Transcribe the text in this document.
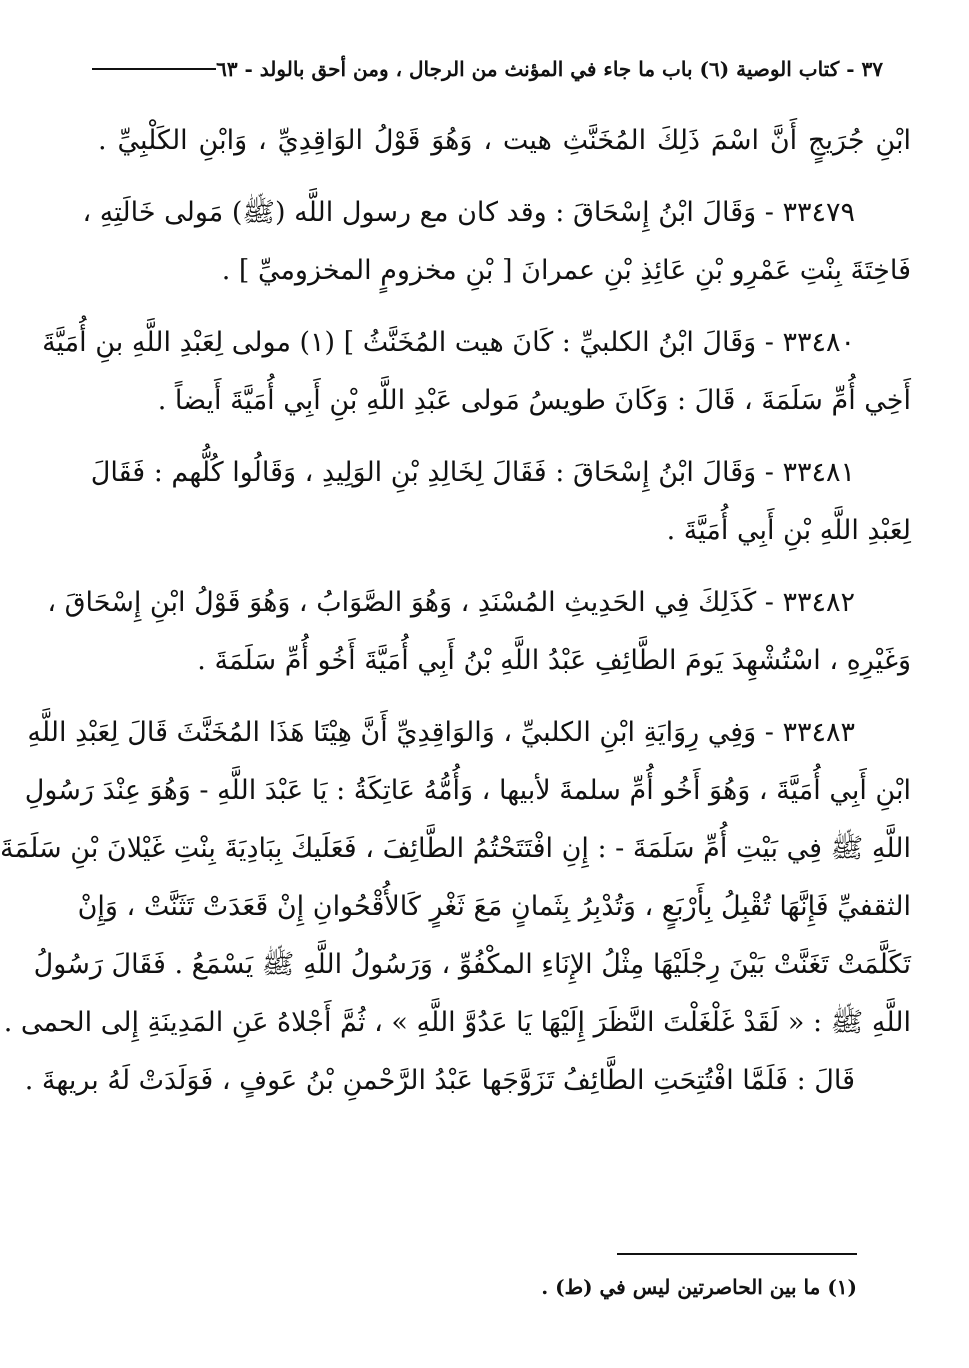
٣٧ - كتاب الوصية (٦) باب ما جاء في المؤنث من الرجال ، ومن أحق بالولد - ٦٣
ابْنِ جُرَيجٍ أَنَّ اسْمَ ذَلِكَ المُخَنَّثِ هيت ، وَهُوَ قَوْلُ الوَاقِدِيِّ ، وَابْنِ الكَلْبِيِّ .
٣٣٤٧٩ - وَقَالَ ابْنُ إِسْحَاقَ : وقد كان مع رسول اللَّه (ﷺ) مَولى خَالَتِهِ ،
فَاخِتَةَ بِنْتِ عَمْرِو بْنِ عَائِذِ بْنِ عمرانَ [ بْنِ مخزومٍ المخزوميِّ ] .
٣٣٤٨٠ - وَقَالَ ابْنُ الكلبيِّ : كَانَ هيت المُخَنَّثُ ] (١) مولى لِعَبْدِ اللَّهِ بنِ أُمَيَّةَ
أَخِي أُمِّ سَلَمَةَ ، قَالَ : وَكَانَ طويسُ مَولى عَبْدِ اللَّهِ بْنِ أَبِي أُمَيَّةَ أَيضاً .
٣٣٤٨١ - وَقَالَ ابْنُ إِسْحَاقَ : فَقَالَ لِخَالِدِ بْنِ الوَلِيدِ ، وَقَالُوا كُلُّهم : فَقَالَ
لِعَبْدِ اللَّهِ بْنِ أَبِي أُمَيَّةَ .
٣٣٤٨٢ - كَذَلِكَ فِي الحَدِيثِ المُسْنَدِ ، وَهُوَ الصَّوَابُ ، وَهُوَ قَوْلُ ابْنِ إِسْحَاقَ ،
وَغَيْرِهِ ، اسْتُشْهِدَ يَومَ الطَّائِفِ عَبْدُ اللَّهِ بْنُ أَبِي أُمَيَّةَ أَخُو أُمِّ سَلَمَةَ .
٣٣٤٨٣ - وَفِي رِوَايَةِ ابْنِ الكلبيِّ ، وَالوَاقِدِيِّ أَنَّ هِيْتَا هَذَا المُخَنَّثَ قَالَ لِعَبْدِ اللَّهِ
ابْنِ أَبِي أُمَيَّةَ ، وَهُوَ أَخُو أُمِّ سلمةَ لأبيها ، وَأُمُّهُ عَاتِكَةُ : يَا عَبْدَ اللَّهِ - وَهُوَ عِنْدَ رَسُولِ
اللَّهِ ﷺ فِي بَيْتِ أُمِّ سَلَمَةَ - : إِنِ افْتَتَحْتُمُ الطَّائِفَ ، فَعَلَيكَ بِبَادِيَةَ بِنْتِ غَيْلانَ بْنِ سَلَمَةَ
الثقفيِّ فَإِنَّهَا تُقْبِلُ بِأَرْبَعٍ ، وَتُدْبِرُ بِثَمانٍ مَعَ ثَغْرٍ كَالأُقْحُوانِ إِنْ قَعَدَتْ تَثَنَّتْ ، وَإِنْ
تَكَلَّمَتْ تَغَنَّتْ بَيْنَ رِجْلَيْهَا مِثْلُ الإِنَاءِ المكْفُوِّ ، وَرَسُولُ اللَّهِ ﷺ يَسْمَعُ . فَقَالَ رَسُولُ
اللَّهِ ﷺ : « لَقَدْ غَلْغَلْتَ النَّظَرَ إِلَيْهَا يَا عَدُوَّ اللَّهِ » ، ثُمَّ أَجْلاهُ عَنِ المَدِينَةِ إِلى الحمى .
قَالَ : فَلَمَّا افْتُتِحَتِ الطَّائِفُ تَزَوَّجَها عَبْدُ الرَّحْمنِ بْنُ عَوفٍ ، فَوَلَدَتْ لَهُ بريهةَ .
(١) ما بين الحاصرتين ليس في (ط) .
